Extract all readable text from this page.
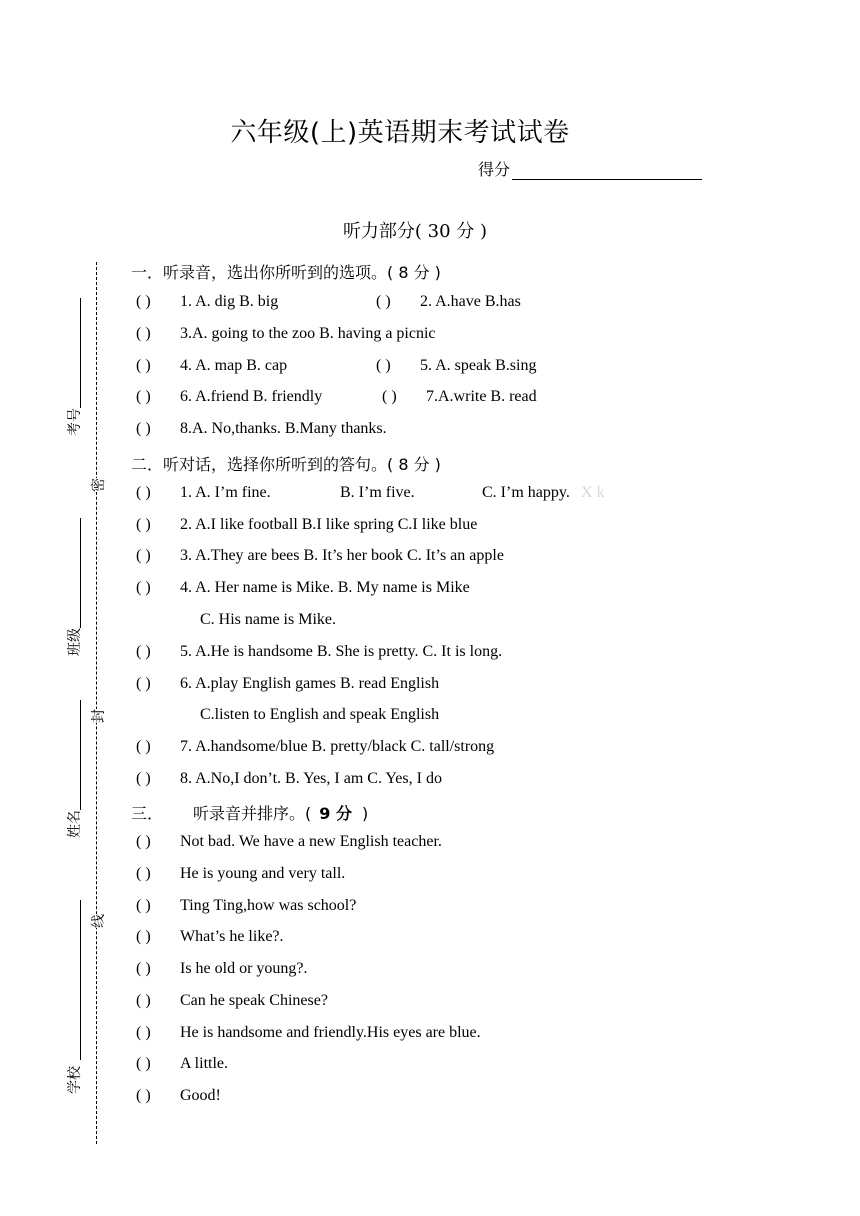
六年级(上)英语期末考试试卷
得分
听力部分( 30 分 )
考号
班级
姓名
学校
密
封
线
一．听录音，选出你所听到的选项。( 8 分 )
( ) 1. A. dig B. big	( ) 2. A.have B.has
( ) 3.A. going to the zoo B. having a picnic
( ) 4. A. map B. cap	( ) 5. A. speak B.sing
( ) 6. A.friend B. friendly	( ) 7.A.write B. read
( ) 8.A. No,thanks. B.Many thanks.
二．听对话，选择你所听到的答句。( 8 分 )
( ) 1. A. I’m fine.	B. I’m five.	C. I’m happy. X k
( ) 2. A.I like football B.I like spring C.I like blue
( ) 3. A.They are bees B. It’s her book C. It’s an apple
( ) 4. A. Her name is Mike. B. My name is Mike
C. His name is Mike.
( ) 5. A.He is handsome B. She is pretty. C. It is long.
( ) 6. A.play English games B. read English
C.listen to English and speak English
( ) 7. A.handsome/blue B. pretty/black C. tall/strong
( ) 8. A.No,I don’t. B. Yes, I am C. Yes, I do
三． 听录音并排序。( 9 分 )
( ) Not bad. We have a new English teacher.
( ) He is young and very tall.
( ) Ting Ting,how was school?
( ) What’s he like?.
( ) Is he old or young?.
( ) Can he speak Chinese?
( ) He is handsome and friendly.His eyes are blue.
( ) A little.
( ) Good!
